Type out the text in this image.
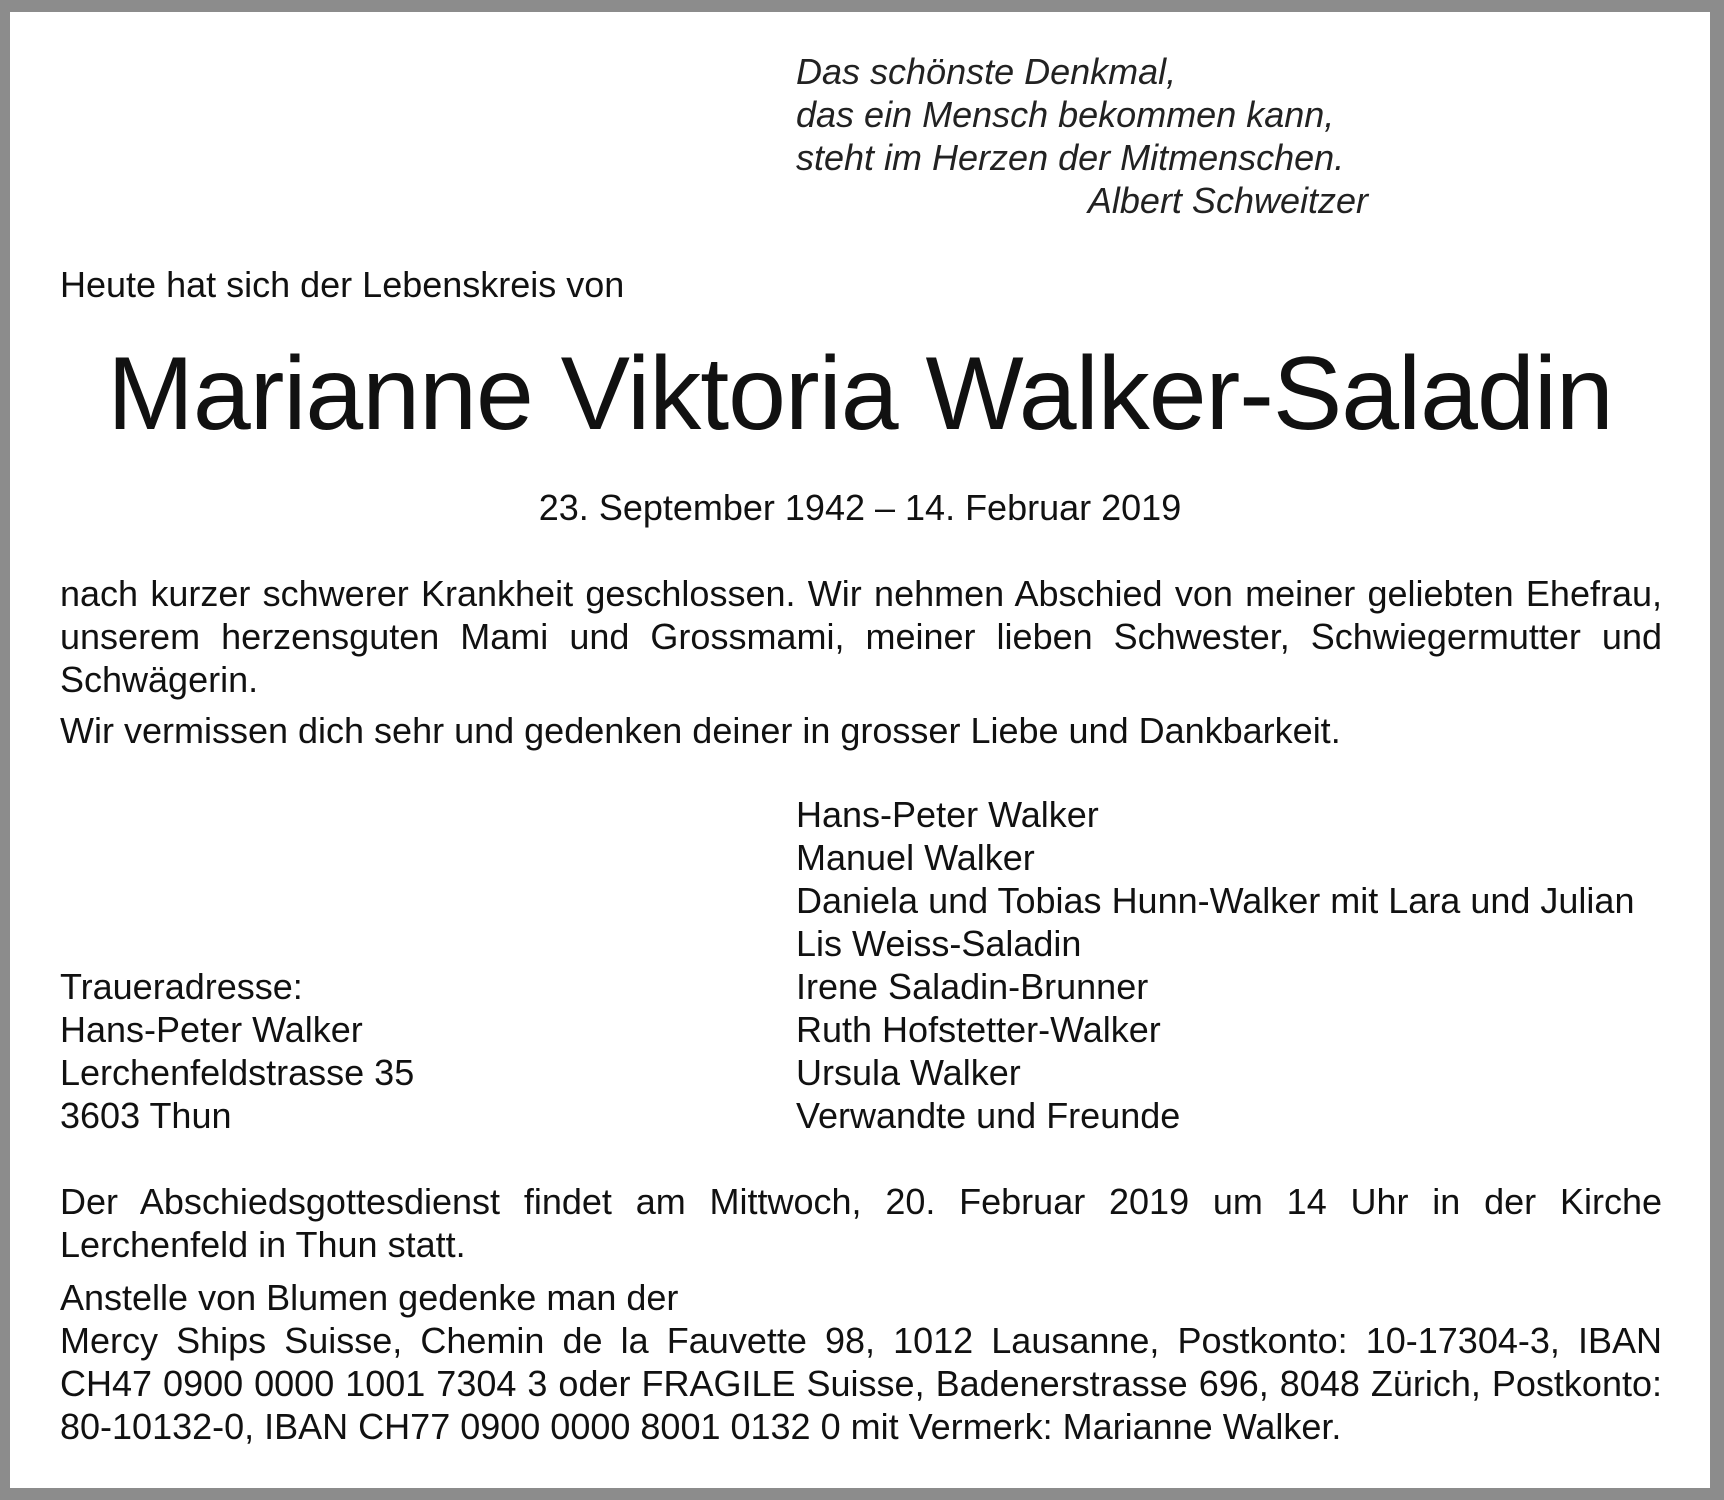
Das schönste Denkmal,
das ein Mensch bekommen kann,
steht im Herzen der Mitmenschen.
Albert Schweitzer
Heute hat sich der Lebenskreis von
Marianne Viktoria Walker-Saladin
23. September 1942 – 14. Februar 2019

nach kurzer schwerer Krankheit geschlossen. Wir nehmen Abschied von meiner geliebten Ehefrau, unserem herzensguten Mami und Grossmami, meiner lieben Schwester, Schwiegermutter und Schwägerin.

Wir vermissen dich sehr und gedenken deiner in grosser Liebe und Dankbarkeit.

Hans-Peter Walker
Manuel Walker
Daniela und Tobias Hunn-Walker mit Lara und Julian
Lis Weiss-Saladin
Irene Saladin-Brunner
Ruth Hofstetter-Walker
Ursula Walker
Verwandte und Freunde
Traueradresse:
Hans-Peter Walker
Lerchenfeldstrasse 35
3603 Thun

Der Abschiedsgottesdienst findet am Mittwoch, 20. Februar 2019 um 14 Uhr in der Kirche Lerchenfeld in Thun statt.

Anstelle von Blumen gedenke man der
Mercy Ships Suisse, Chemin de la Fauvette 98, 1012 Lausanne, Postkonto: 10-17304-3, IBAN CH47 0900 0000 1001 7304 3 oder FRAGILE Suisse, Badenerstrasse 696, 8048 Zürich, Postkonto: 80-10132-0, IBAN CH77 0900 0000 8001 0132 0 mit Vermerk: Marianne Walker.
